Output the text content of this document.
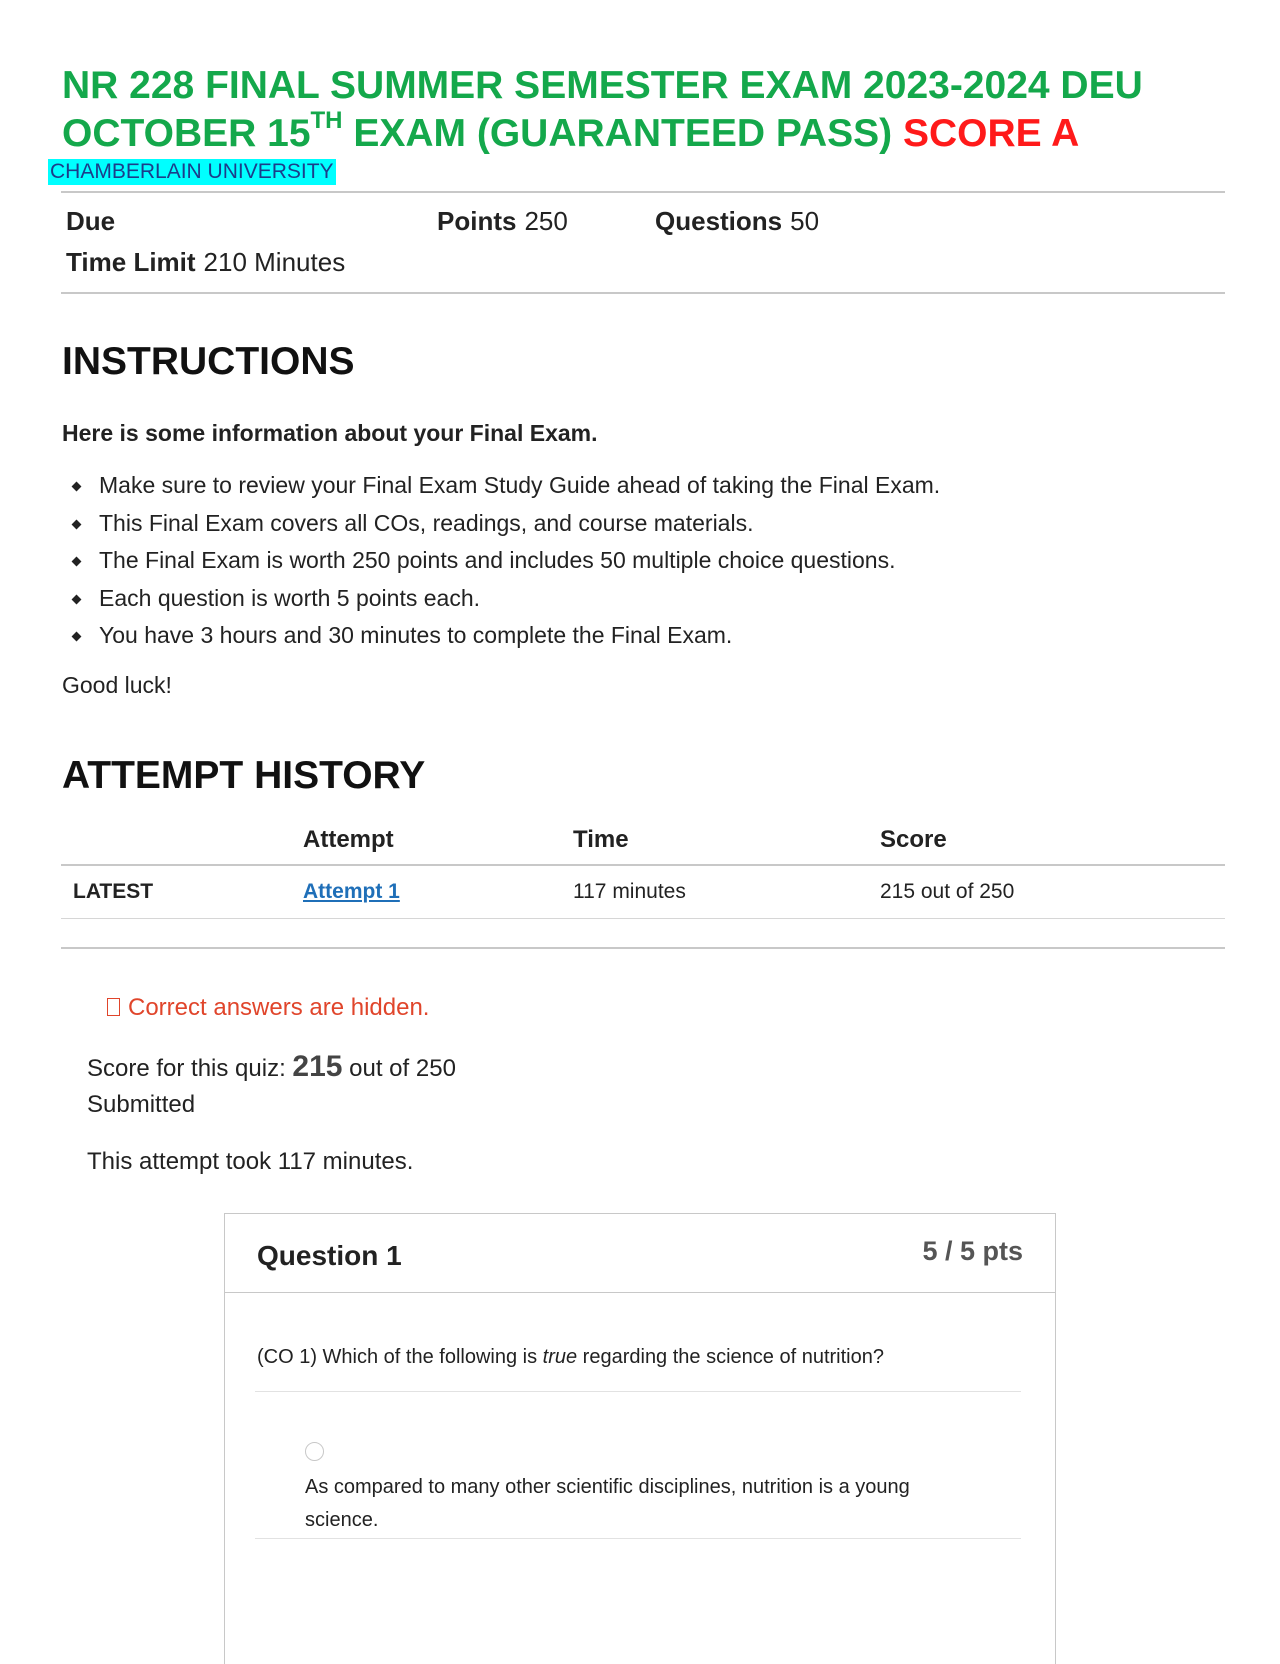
NR 228 FINAL SUMMER SEMESTER EXAM 2023-2024 DEU
OCTOBER 15TH EXAM (GUARANTEED PASS) SCORE A
CHAMBERLAIN UNIVERSITY
Due	Points 250	Questions 50
Time Limit 210 Minutes
INSTRUCTIONS

Here is some information about your Final Exam.

Make sure to review your Final Exam Study Guide ahead of taking the Final Exam.
This Final Exam covers all COs, readings, and course materials.
The Final Exam is worth 250 points and includes 50 multiple choice questions.
Each question is worth 5 points each.
You have 3 hours and 30 minutes to complete the Final Exam.
Good luck!
ATTEMPT HISTORY
	Attempt	Time	Score
LATEST	Attempt 1	117 minutes	215 out of 250

Correct answers are hidden.
Score for this quiz: 215 out of 250
Submitted
This attempt took 117 minutes.
Question 1	5 / 5 pts
(CO 1) Which of the following is true regarding the science of nutrition?
As compared to many other scientific disciplines, nutrition is a young science.
